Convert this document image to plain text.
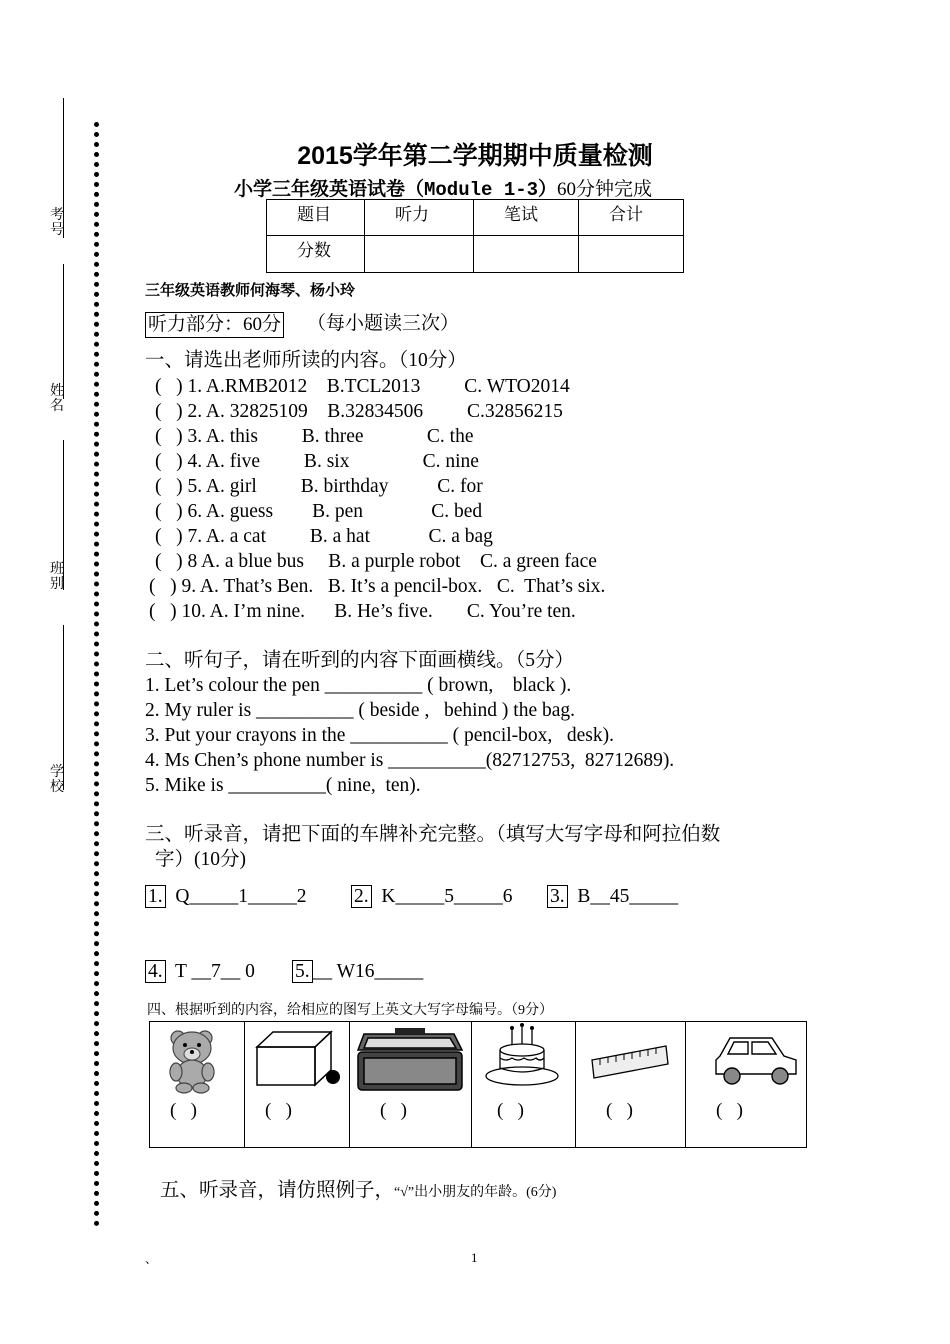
考号
姓名
班别
学校
2015学年第二学期期中质量检测
小学三年级英语试卷（Module 1-3）60分钟完成
题目	听力	笔试	合计
分数			
三年级英语教师何海琴、杨小玲
听力部分：60分 （每小题读三次）
一、请选出老师所读的内容。（10分）
(   ) 1. A.RMB2012    B.TCL2013         C. WTO2014
(   ) 2. A. 32825109    B.32834506         C.32856215
(   ) 3. A. this         B. three             C. the
(   ) 4. A. five         B. six               C. nine
(   ) 5. A. girl         B. birthday          C. for
(   ) 6. A. guess        B. pen              C. bed
(   ) 7. A. a cat         B. a hat            C. a bag
(   ) 8 A. a blue bus     B. a purple robot    C. a green face
(   ) 9. A. That’s Ben.   B. It’s a pencil-box.   C.  That’s six.
(   ) 10. A. I’m nine.      B. He’s five.       C. You’re ten.
二、听句子，请在听到的内容下面画横线。（5分）
1. Let’s colour the pen __________ ( brown,    black ).
2. My ruler is __________ ( beside ,   behind ) the bag.
3. Put your crayons in the __________ ( pencil-box,   desk).
4. Ms Chen’s phone number is __________(82712753,  82712689).
5. Mike is __________( nine,  ten).
三、听录音，请把下面的车牌补充完整。（填写大写字母和阿拉伯数
字）(10分)
1. Q_____1_____2 2. K_____5_____6 3. B__45_____
4. T __7__ 0 5. __ W16_____
四、根据听到的内容，给相应的图写上英文大写字母编号。（9分）
(   )	(   )	(   )	(   )	(   )	(   )
五、听录音，请仿照例子，“√”出小朋友的年龄。(6分)
、	1
